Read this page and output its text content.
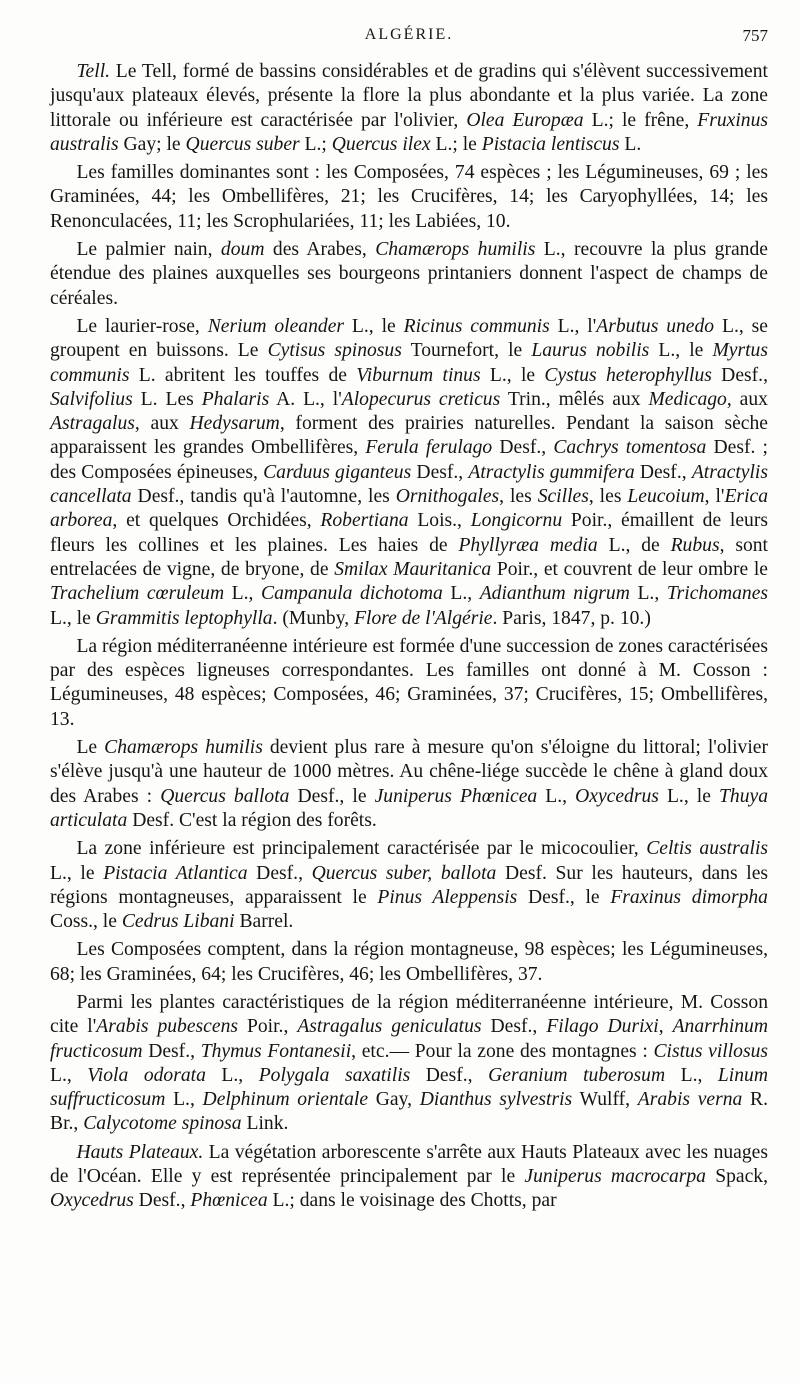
ALGÉRIE.	757

Tell. Le Tell, formé de bassins considérables et de gradins qui s'élèvent successivement jusqu'aux plateaux élevés, présente la flore la plus abondante et la plus variée. La zone littorale ou inférieure est caractérisée par l'olivier, Olea Europæa L.; le frêne, Fruxinus australis Gay; le Quercus suber L.; Quercus ilex L.; le Pistacia lentiscus L.

Les familles dominantes sont : les Composées, 74 espèces ; les Légumineuses, 69 ; les Graminées, 44; les Ombellifères, 21; les Crucifères, 14; les Caryophyllées, 14; les Renonculacées, 11; les Scrophulariées, 11; les Labiées, 10.

Le palmier nain, doum des Arabes, Chamærops humilis L., recouvre la plus grande étendue des plaines auxquelles ses bourgeons printaniers donnent l'aspect de champs de céréales.

Le laurier-rose, Nerium oleander L., le Ricinus communis L., l'Arbutus unedo L., se groupent en buissons. Le Cytisus spinosus Tournefort, le Laurus nobilis L., le Myrtus communis L. abritent les touffes de Viburnum tinus L., le Cystus heterophyllus Desf., Salvifolius L. Les Phalaris A. L., l'Alopecurus creticus Trin., mêlés aux Medicago, aux Astragalus, aux Hedysarum, forment des prairies naturelles. Pendant la saison sèche apparaissent les grandes Ombellifères, Ferula ferulago Desf., Cachrys tomentosa Desf. ; des Composées épineuses, Carduus giganteus Desf., Atractylis gummifera Desf., Atractylis cancellata Desf., tandis qu'à l'automne, les Ornithogales, les Scilles, les Leucoium, l'Erica arborea, et quelques Orchidées, Robertiana Lois., Longicornu Poir., émaillent de leurs fleurs les collines et les plaines. Les haies de Phyllyræa media L., de Rubus, sont entrelacées de vigne, de bryone, de Smilax Mauritanica Poir., et couvrent de leur ombre le Trachelium cœruleum L., Campanula dichotoma L., Adianthum nigrum L., Trichomanes L., le Grammitis leptophylla. (Munby, Flore de l'Algérie. Paris, 1847, p. 10.)

La région méditerranéenne intérieure est formée d'une succession de zones caractérisées par des espèces ligneuses correspondantes. Les familles ont donné à M. Cosson : Légumineuses, 48 espèces; Composées, 46; Graminées, 37; Crucifères, 15; Ombellifères, 13.

Le Chamærops humilis devient plus rare à mesure qu'on s'éloigne du littoral; l'olivier s'élève jusqu'à une hauteur de 1000 mètres. Au chêne-liége succède le chêne à gland doux des Arabes : Quercus ballota Desf., le Juniperus Phœnicea L., Oxycedrus L., le Thuya articulata Desf. C'est la région des forêts.

La zone inférieure est principalement caractérisée par le micocoulier, Celtis australis L., le Pistacia Atlantica Desf., Quercus suber, ballota Desf. Sur les hauteurs, dans les régions montagneuses, apparaissent le Pinus Aleppensis Desf., le Fraxinus dimorpha Coss., le Cedrus Libani Barrel.

Les Composées comptent, dans la région montagneuse, 98 espèces; les Légumineuses, 68; les Graminées, 64; les Crucifères, 46; les Ombellifères, 37.

Parmi les plantes caractéristiques de la région méditerranéenne intérieure, M. Cosson cite l'Arabis pubescens Poir., Astragalus geniculatus Desf., Filago Durixi, Anarrhinum fructicosum Desf., Thymus Fontanesii, etc.— Pour la zone des montagnes : Cistus villosus L., Viola odorata L., Polygala saxatilis Desf., Geranium tuberosum L., Linum suffructicosum L., Delphinum orientale Gay, Dianthus sylvestris Wulff, Arabis verna R. Br., Calycotome spinosa Link.

Hauts Plateaux. La végétation arborescente s'arrête aux Hauts Plateaux avec les nuages de l'Océan. Elle y est représentée principalement par le Juniperus macrocarpa Spack, Oxycedrus Desf., Phœnicea L.; dans le voisinage des Chotts, par
